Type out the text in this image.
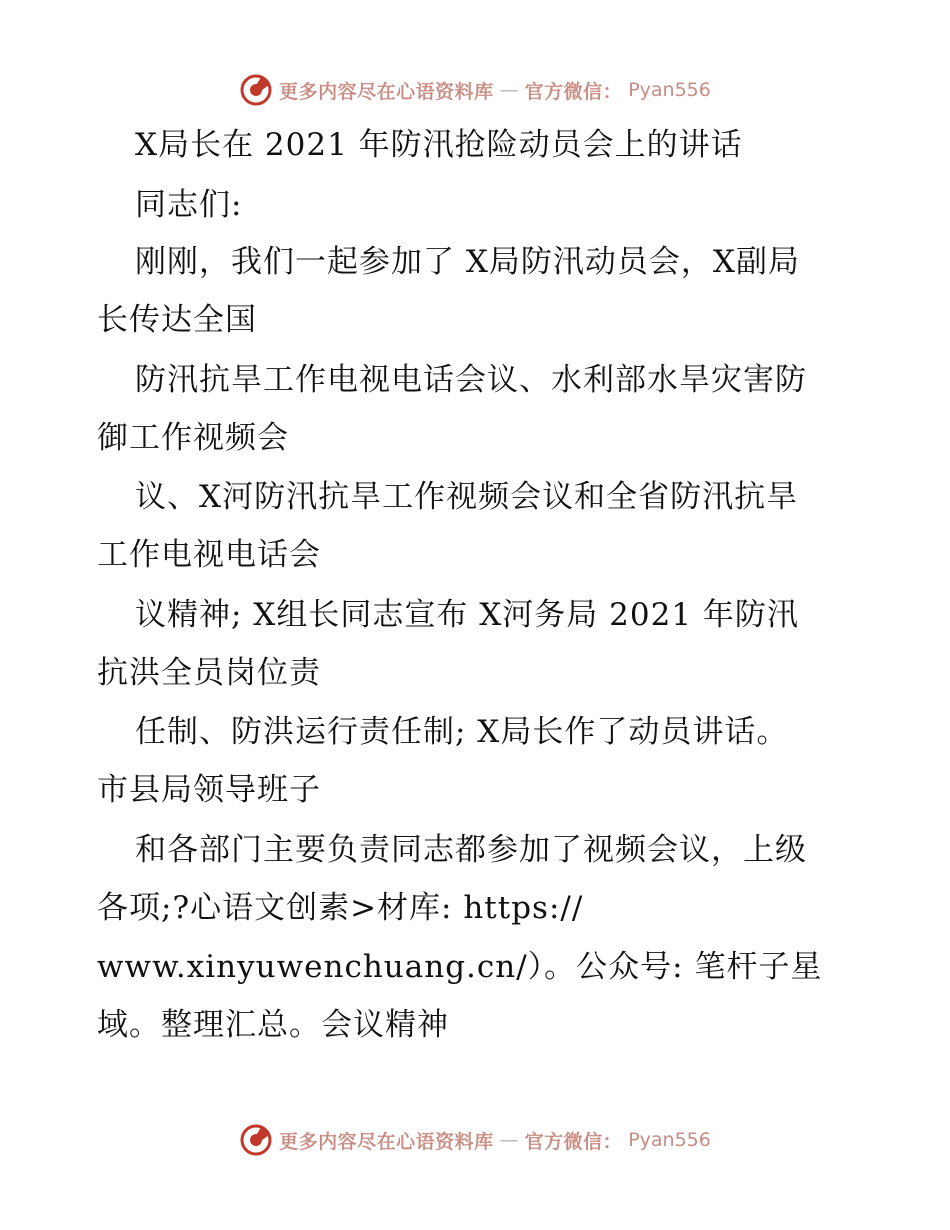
更多内容尽在心语资料库 — 官方微信： Pyan556
X局长在 2021 年防汛抢险动员会上的讲话
同志们:
刚刚，我们一起参加了 X局防汛动员会，X副局
长传达全国
防汛抗旱工作电视电话会议、水利部水旱灾害防
御工作视频会
议、X河防汛抗旱工作视频会议和全省防汛抗旱
工作电视电话会
议精神; X组长同志宣布 X河务局 2021 年防汛
抗洪全员岗位责
任制、防洪运行责任制; X局长作了动员讲话。
市县局领导班子
和各部门主要负责同志都参加了视频会议，上级
各项;?心语文创素>材库: https://
www.xinyuwenchuang.cn/）。公众号: 笔杆子星
域。整理汇总。会议精神
更多内容尽在心语资料库 — 官方微信： Pyan556
